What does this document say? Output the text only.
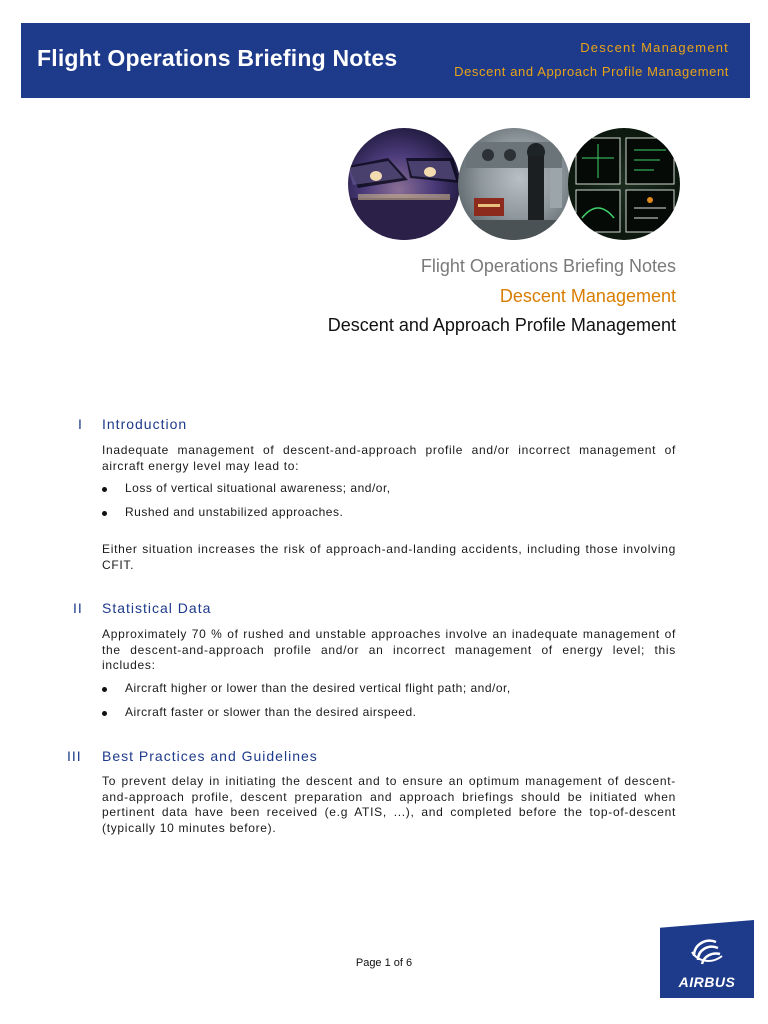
Flight Operations Briefing Notes	Descent Management
Descent and Approach Profile Management
Flight Operations Briefing Notes
Descent Management
Descent and Approach Profile Management
I Introduction

Inadequate management of descent-and-approach profile and/or incorrect management of aircraft energy level may lead to:

Loss of vertical situational awareness; and/or,
Rushed and unstabilized approaches.

Either situation increases the risk of approach-and-landing accidents, including those involving CFIT.

II Statistical Data

Approximately 70 % of rushed and unstable approaches involve an inadequate management of the descent-and-approach profile and/or an incorrect management of energy level; this includes:

Aircraft higher or lower than the desired vertical flight path; and/or,
Aircraft faster or slower than the desired airspeed.
III Best Practices and Guidelines

To prevent delay in initiating the descent and to ensure an optimum management of descent-and-approach profile, descent preparation and approach briefings should be initiated when pertinent data have been received (e.g ATIS, ...), and completed before the top-of-descent (typically 10 minutes before).

Page 1 of 6
AIRBUS
